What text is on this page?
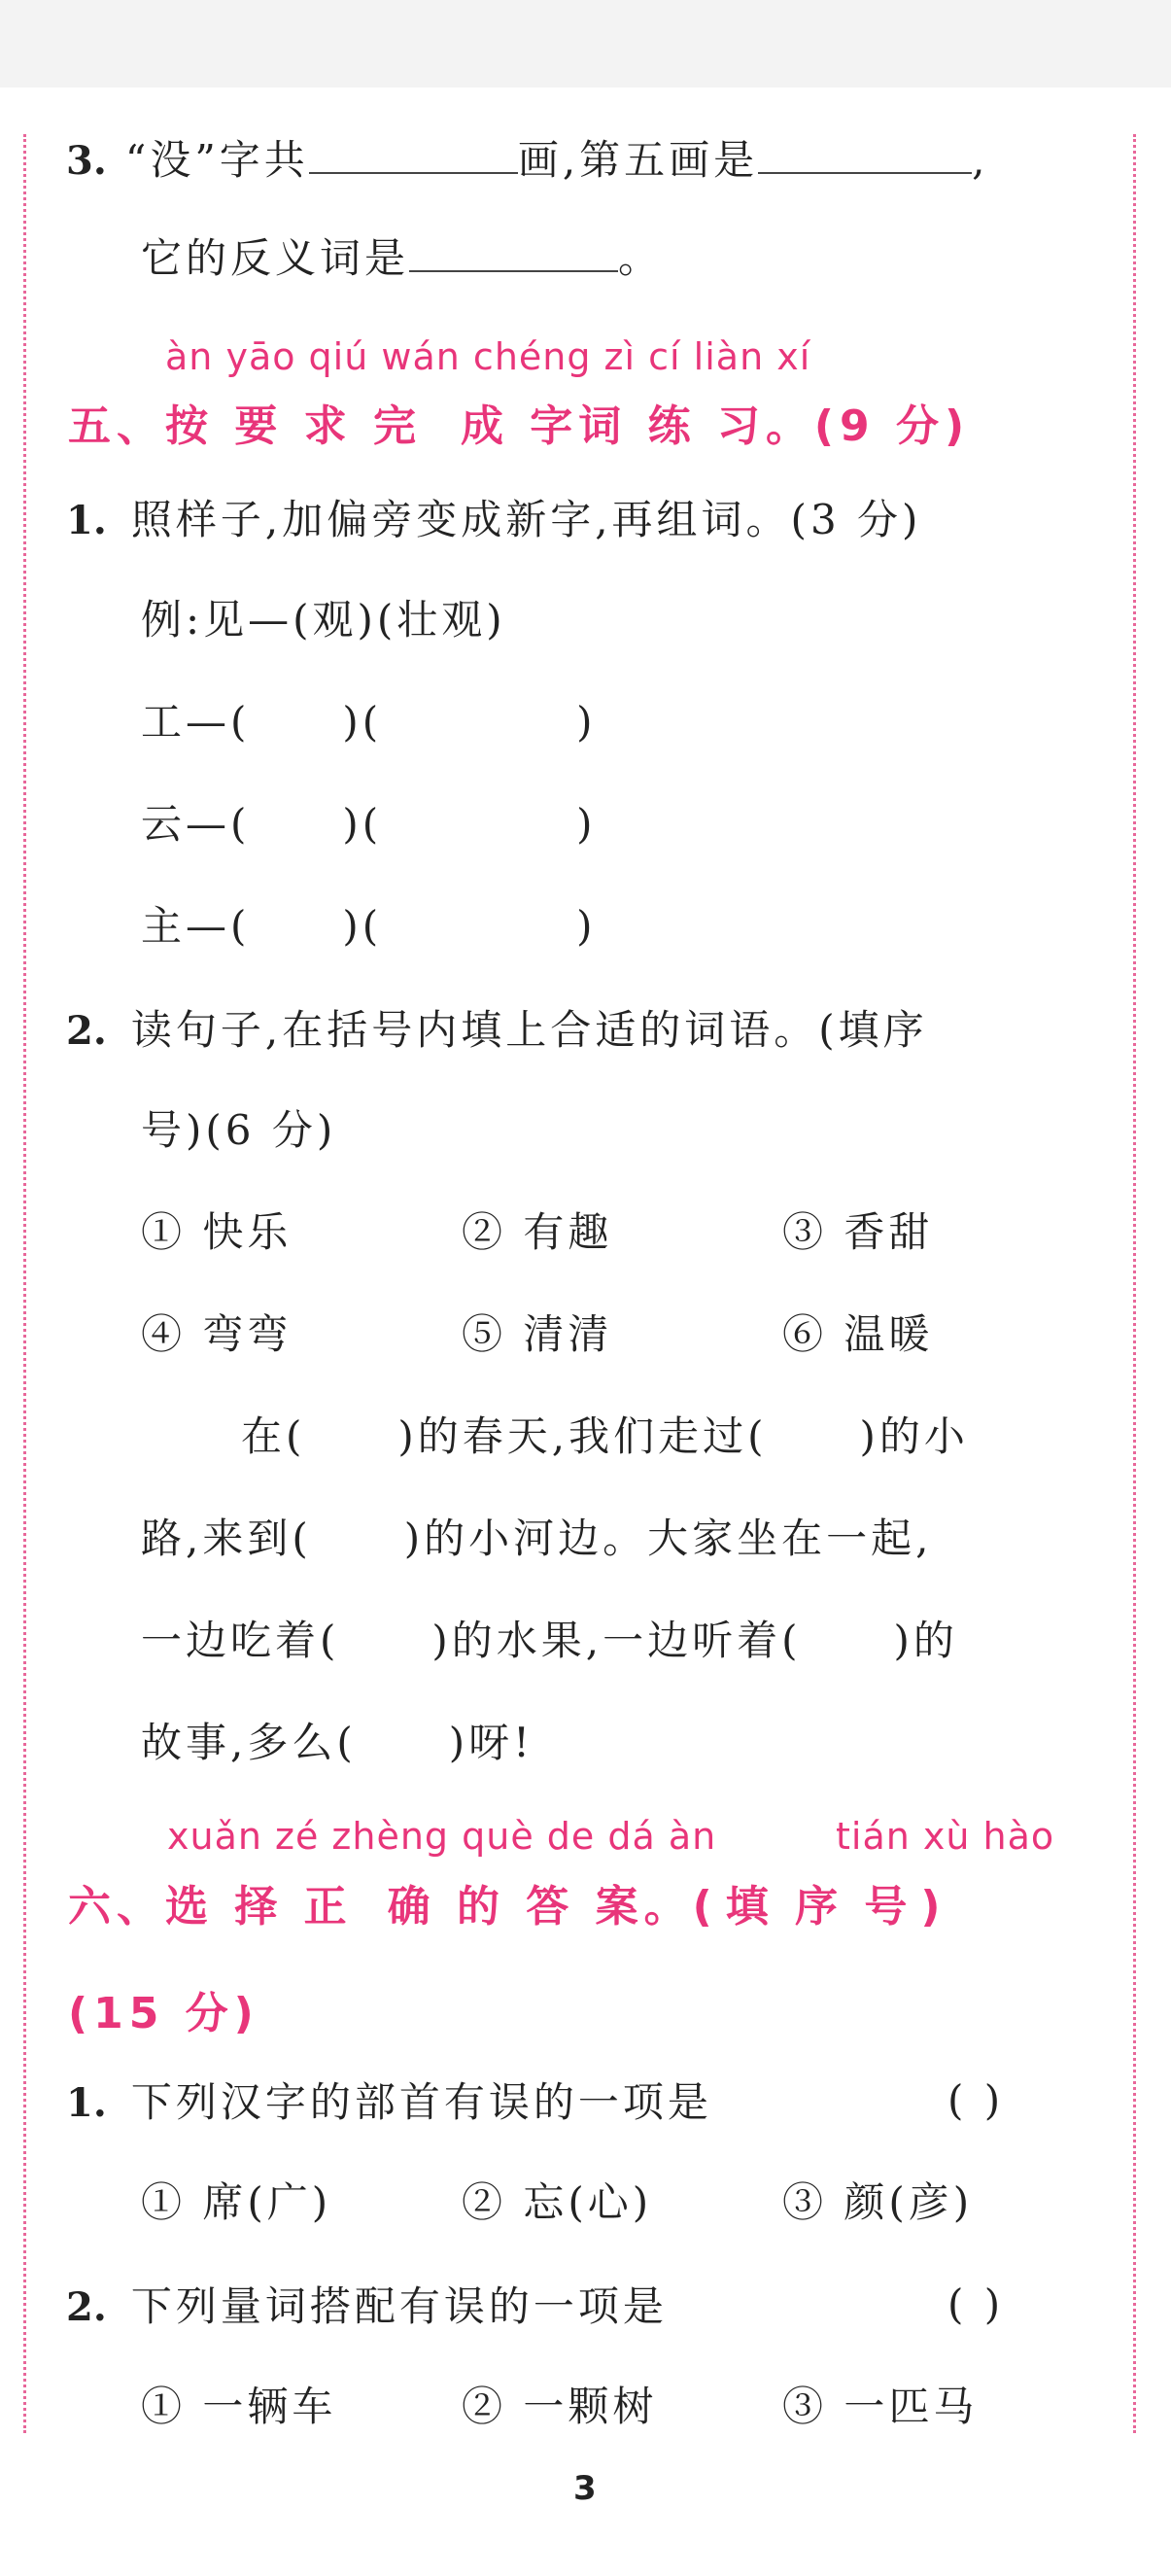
3. “没”字共	画,第五画是	,
它的反义词是	。
àn yāo qiú wán chéng zì cí liàn xí
五、按 要 求 完 成 字词 练 习。(9 分)
1. 照样子,加偏旁变成新字,再组词。(3 分)
例:见—(观)(壮观)
工—( )(	)
云—( )(	)
主—( )(	)
2. 读句子,在括号内填上合适的词语。(填序
号)(6 分)
① 快乐	② 有趣	③ 香甜
④ 弯弯	⑤ 清清	⑥ 温暖
在( )的春天,我们走过( )的小
路,来到( )的小河边。大家坐在一起,
一边吃着( )的水果,一边听着( )的
故事,多么( )呀!
xuǎn zé zhèng què de dá àn	tián xù hào
六、选 择 正 确 的 答 案。( 填 序 号 )
(15 分)
1. 下列汉字的部首有误的一项是	( )
① 席(广)	② 忘(心)	③ 颜(彦)
2. 下列量词搭配有误的一项是	( )
① 一辆车	② 一颗树	③ 一匹马
3
